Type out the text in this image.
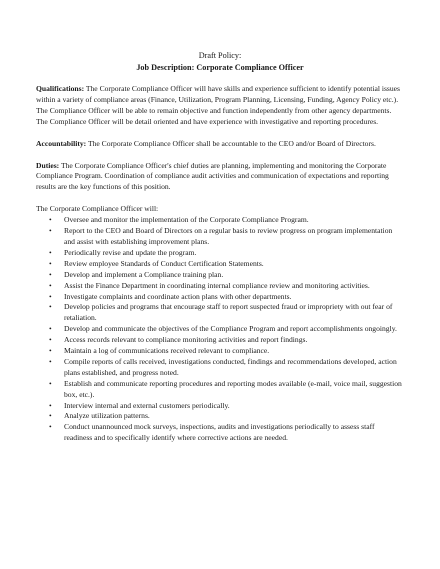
Draft Policy:
Job Description: Corporate Compliance Officer

Qualifications: The Corporate Compliance Officer will have skills and experience sufficient to identify potential issues within a variety of compliance areas (Finance, Utilization, Program Planning, Licensing, Funding, Agency Policy etc.). The Compliance Officer will be able to remain objective and function independently from other agency departments. The Compliance Officer will be detail oriented and have experience with investigative and reporting procedures.

Accountability: The Corporate Compliance Officer shall be accountable to the CEO and/or Board of Directors.

Duties: The Corporate Compliance Officer's chief duties are planning, implementing and monitoring the Corporate Compliance Program. Coordination of compliance audit activities and communication of expectations and reporting results are the key functions of this position.

The Corporate Compliance Officer will:

• Oversee and monitor the implementation of the Corporate Compliance Program.
• Report to the CEO and Board of Directors on a regular basis to review progress on program implementation and assist with establishing improvement plans.
• Periodically revise and update the program.
• Review employee Standards of Conduct Certification Statements.
• Develop and implement a Compliance training plan.
• Assist the Finance Department in coordinating internal compliance review and monitoring activities.
• Investigate complaints and coordinate action plans with other departments.
• Develop policies and programs that encourage staff to report suspected fraud or impropriety with out fear of retaliation.
• Develop and communicate the objectives of the Compliance Program and report accomplishments ongoingly.
• Access records relevant to compliance monitoring activities and report findings.
• Maintain a log of communications received relevant to compliance.
• Compile reports of calls received, investigations conducted, findings and recommendations developed, action plans established, and progress noted.
• Establish and communicate reporting procedures and reporting modes available (e-mail, voice mail, suggestion box, etc.).
• Interview internal and external customers periodically.
• Analyze utilization patterns.
• Conduct unannounced mock surveys, inspections, audits and investigations periodically to assess staff readiness and to specifically identify where corrective actions are needed.
